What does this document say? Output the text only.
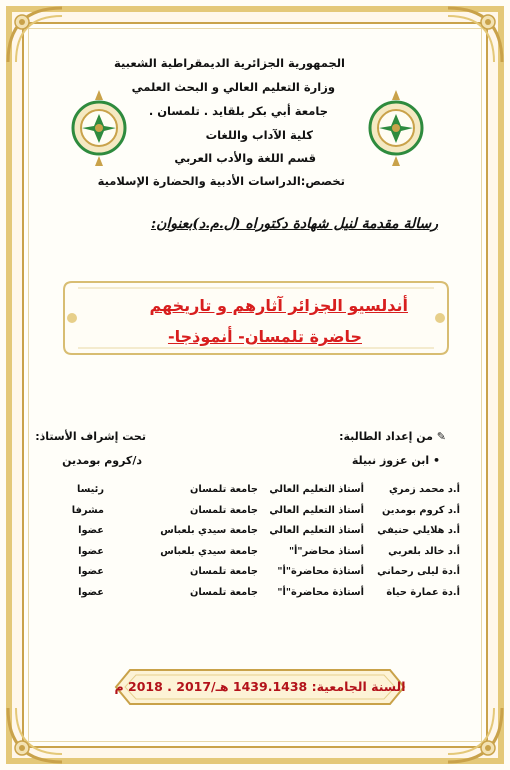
الجمهورية الجزائرية الديمقراطية الشعبية
وزارة التعليم العالي و البحث العلمي
جامعة أبي بكر بلقايد . تلمسان .
كلية الآداب واللغات
قسم اللغة والأدب العربي
تخصص:الدراسات الأدبية والحضارة الإسلامية
رسالة مقدمة لنيل شهادة دكتوراه (ل.م.د)بعنوان:
أندلسيو الجزائر آثارهم و تاريخهم
حاضرة تلمسان- أنموذجا-
✎ من إعداد الطالبة:
• ابن عزوز نبيلة
تحت إشراف الأستاذ:
د/كروم بومدين
أ.د محمد زمري
أستاذ التعليم العالي
جامعة تلمسان
رئيسا
أ.د كروم بومدين
أستاذ التعليم العالي
جامعة تلمسان
مشرفا
أ.د هلايلي حنيفي
أستاذ التعليم العالي
جامعة سيدي بلعباس
عضوا
أ.د خالد بلعربي
أستاذ محاضر"أ"
جامعة سيدي بلعباس
عضوا
أ.دة ليلى رحماني
أستاذة محاضرة"أ"
جامعة تلمسان
عضوا
أ.دة عمارة حياة
أستاذة محاضرة"أ"
جامعة تلمسان
عضوا
السنة الجامعية: 1439.1438 هـ/2017 . 2018 م
